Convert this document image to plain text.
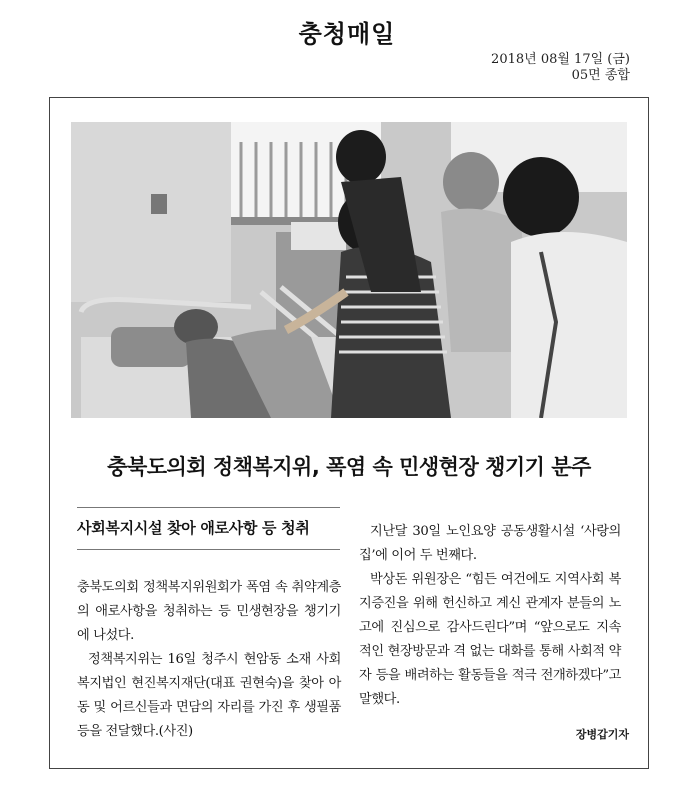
충청매일
2018년 08월 17일 (금)
05면 종합
충북도의회 정책복지위, 폭염 속 민생현장 챙기기 분주
사회복지시설 찾아 애로사항 등 청취

충북도의회 정책복지위원회가 폭염 속 취약계층의 애로사항을 청취하는 등 민생현장을 챙기기에 나섰다.

정책복지위는 16일 청주시 현암동 소재 사회복지법인 현진복지재단(대표 권현숙)을 찾아 아동 및 어르신들과 면담의 자리를 가진 후 생필품 등을 전달했다.(사진)

지난달 30일 노인요양 공동생활시설 ‘사랑의 집’에 이어 두 번째다.

박상돈 위원장은 “힘든 여건에도 지역사회 복지증진을 위해 헌신하고 계신 관계자 분들의 노고에 진심으로 감사드린다”며 “앞으로도 지속적인 현장방문과 격 없는 대화를 통해 사회적 약자 등을 배려하는 활동들을 적극 전개하겠다”고 말했다.

장병갑기자
